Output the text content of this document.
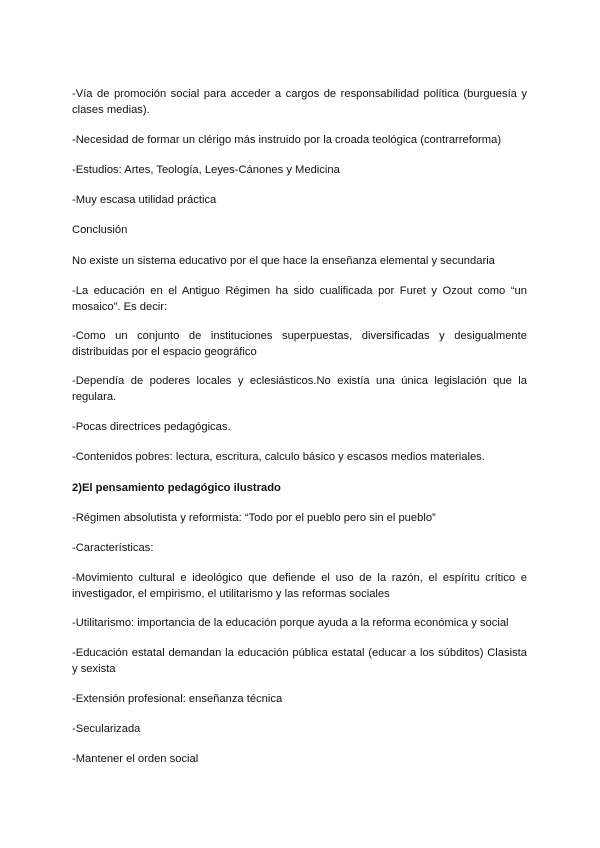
-Vía de promoción social para acceder a cargos de responsabilidad política (burguesía y clases medias).

-Necesidad de formar un clérigo más instruido por la croada teológica (contrarreforma)

-Estudios: Artes, Teología, Leyes-Cánones y Medicina

-Muy escasa utilidad práctica

Conclusión

No existe un sistema educativo por el que hace la enseñanza elemental y secundaria

-La educación en el Antiguo Régimen ha sido cualificada por Furet y Ozout como “un mosaico”. Es decir:

-Como un conjunto de instituciones superpuestas, diversificadas y desigualmente distribuidas por el espacio geográfico

-Dependía de poderes locales y eclesiásticos.No existía una única legislación que la regulara.

-Pocas directrices pedagógicas.

-Contenidos pobres: lectura, escritura, calculo básico y escasos medios materiales.

2)El pensamiento pedagógico ilustrado

-Régimen absolutista y reformista: “Todo por el pueblo pero sin el pueblo”

-Características:

-Movimiento cultural e ideológico que defiende el uso de la razón, el espíritu crítico e investigador, el empirismo, el utilitarismo y las reformas sociales

-Utilitarismo: importancia de la educación porque ayuda a la reforma económica y social

-Educación estatal demandan la educación pública estatal (educar a los súbditos) Clasista y sexista

-Extensión profesional: enseñanza técnica

-Secularizada

-Mantener el orden social
